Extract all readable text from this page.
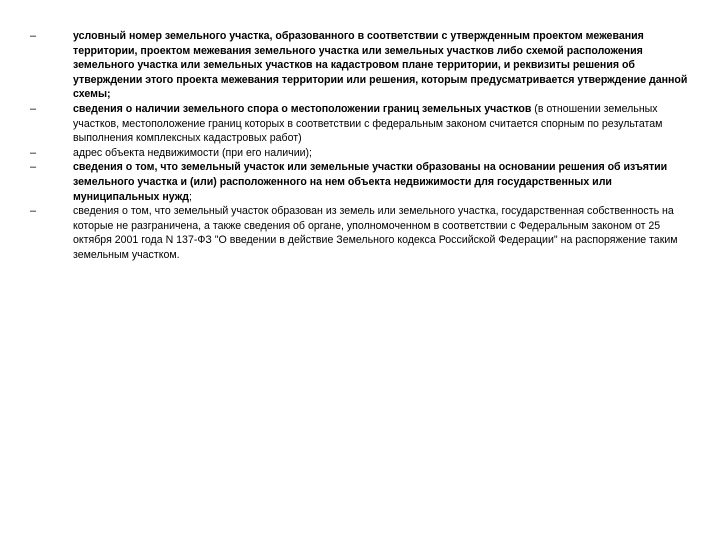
–	условный номер земельного участка, образованного в соответствии с утвержденным проектом межевания территории, проектом межевания земельного участка или земельных участков либо схемой расположения земельного участка или земельных участков на кадастровом плане территории, и реквизиты решения об утверждении этого проекта межевания территории или решения, которым предусматривается утверждение данной схемы;
–	сведения о наличии земельного спора о местоположении границ земельных участков (в отношении земельных участков, местоположение границ которых в соответствии с федеральным законом считается спорным по результатам выполнения комплексных кадастровых работ)
–	адрес объекта недвижимости (при его наличии);
–	сведения о том, что земельный участок или земельные участки образованы на основании решения об изъятии земельного участка и (или) расположенного на нем объекта недвижимости для государственных или муниципальных нужд;
–	сведения о том, что земельный участок образован из земель или земельного участка, государственная собственность на которые не разграничена, а также сведения об органе, уполномоченном в соответствии с Федеральным законом от 25 октября 2001 года N 137-ФЗ "О введении в действие Земельного кодекса Российской Федерации" на распоряжение таким земельным участком.
